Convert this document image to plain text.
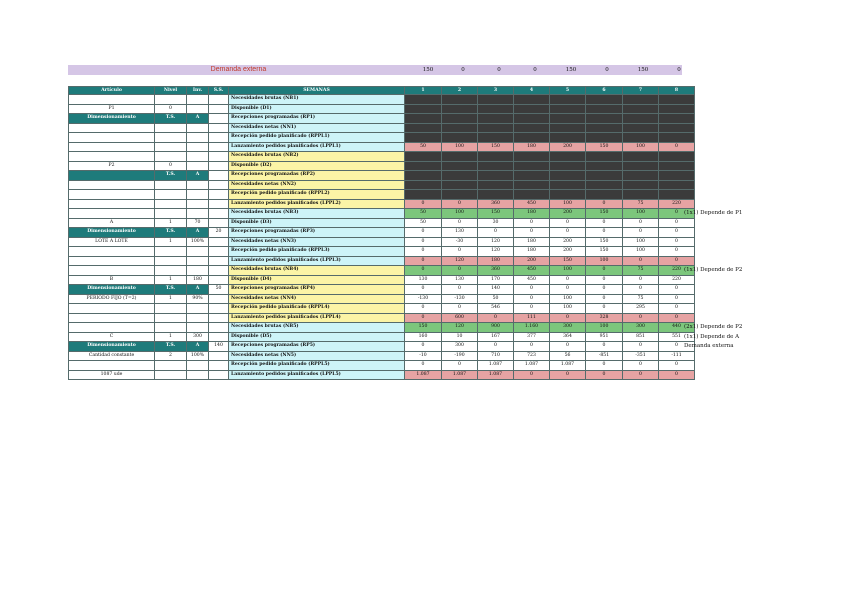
Demanda externa	150	0	0	0	150	0	150	0
Artículo	Nivel	Inv.	S.S.	SEMANAS	1	2	3	4	5	6	7	8
				Necesidades brutas (NB1)								
P1	0			Disponible (D1)								
Dimensionamiento	T.S.	A		Recepciones programadas (RP1)								
				Necesidades netas (NN1)								
				Recepción pedido planificado (RPPL1)								
				Lanzamiento pedidos planificados (LPPL1)	50	100	150	180	200	150	100	0
				Necesidades brutas (NB2)								
P2	0			Disponible (D2)								
	T.S.	A		Recepciones programadas (RP2)								
				Necesidades netas (NN2)								
				Recepción pedido planificado (RPPL2)								
				Lanzamiento pedidos planificados (LPPL2)	0	0	360	450	100	0	75	220
				Necesidades brutas (NB3)	50	100	150	180	200	150	100	0
A	1	70		Disponible (D3)	50	0	30	0	0	0	0	0
Dimensionamiento	T.S.	A	20	Recepciones programadas (RP3)	0	130	0	0	0	0	0	0
LOTE A LOTE	1	100%		Necesidades netas (NN3)	0	-30	120	180	200	150	100	0
				Recepción pedido planificado (RPPL3)	0	0	120	180	200	150	100	0
				Lanzamiento pedidos planificados (LPPL3)	0	120	180	200	150	100	0	0
				Necesidades brutas (NB4)	0	0	360	450	100	0	75	220
B	1	180		Disponible (D4)	130	130	170	450	0	0	0	220
Dimensionamiento	T.S.	A	50	Recepciones programadas (RP4)	0	0	140	0	0	0	0	0
PERIODO FIJO (T=2)	1	90%		Necesidades netas (NN4)	-130	-130	50	0	100	0	75	0
				Recepción pedido planificado (RPPL4)	0	0	546	0	100	0	295	0
				Lanzamiento pedidos planificados (LPPL4)	0	600	0	111	0	328	0	0
				Necesidades brutas (NB5)	150	120	900	1.160	300	100	300	440
C	1	300		Disponible (D5)	160	10	167	377	364	951	851	551
Dimensionamiento	T.S.	A	140	Recepciones programadas (RP5)	0	300	0	0	0	0	0	0
Cantidad constante	2	100%		Necesidades netas (NN5)	-10	-190	710	723	56	-851	-351	-111
				Recepción pedido planificado (RPPL5)	0	0	1.087	1.087	1.087	0	0	0
1087 ude				Lanzamiento pedidos planificados (LPPL5)	1.087	1.087	1.087	0	0	0	0	0
(1x1) Depende de P1
(1x1) Depende de P2
(2x1) Depende de P2
(1x1) Depende de A
Demanda externa
